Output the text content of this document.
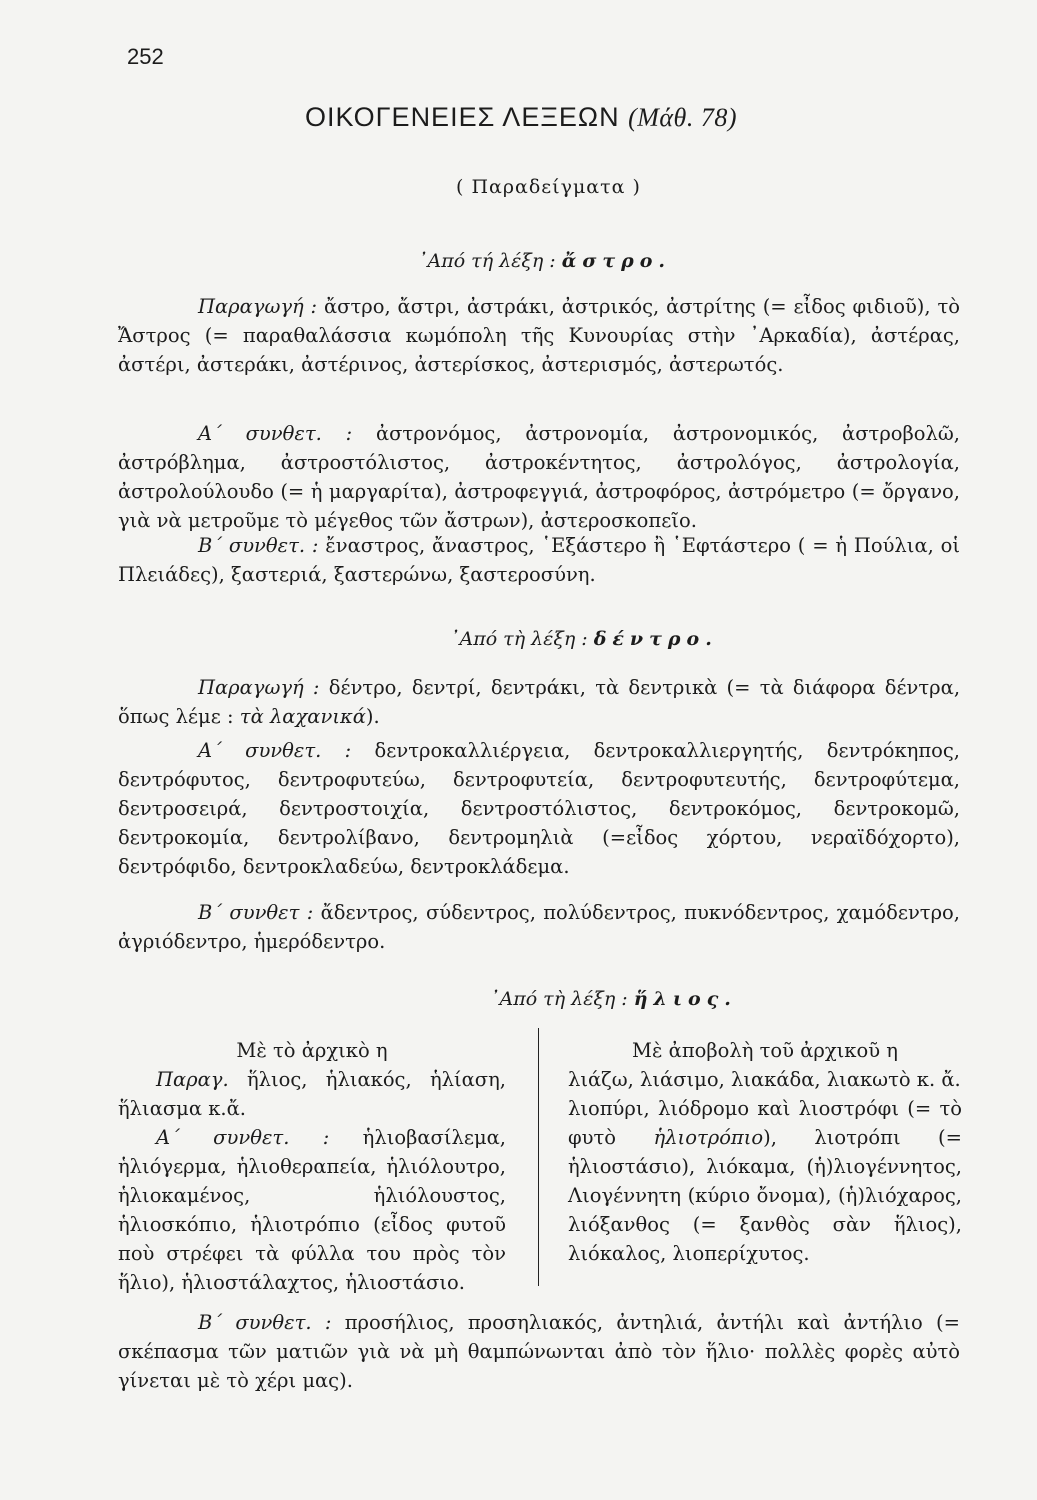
252
ΟΙΚΟΓΕΝΕΙΕΣ ΛΕΞΕΩΝ (Μάθ. 78)
( Παραδείγματα )
᾿Από τή λέξη : ἄστρο.
Παραγωγή : ἄστρο, ἄστρι, ἀστράκι, ἀστρικός, ἀστρίτης (= εἶδος φιδιοῦ), τὸ Ἄστρος (= παραθαλάσσια κωμόπολη τῆς Κυνουρίας στὴν ᾿Αρκαδία), ἀστέρας, ἀστέρι, ἀστεράκι, ἀστέρινος, ἀστερίσκος, ἀστερισμός, ἀστερωτός.
Α΄ συνθετ. : ἀστρονόμος, ἀστρονομία, ἀστρονομικός, ἀστροβολῶ, ἀστρόβλημα, ἀστροστόλιστος, ἀστροκέντητος, ἀστρολόγος, ἀστρολογία, ἀστρολούλουδο (= ἡ μαργαρίτα), ἀστροφεγγιά, ἀστροφόρος, ἀστρόμετρο (= ὄργανο, γιὰ νὰ μετροῦμε τὸ μέγεθος τῶν ἄστρων), ἀστεροσκοπεῖο.
Β΄ συνθετ. : ἔναστρος, ἄναστρος, ῾Εξάστερο ἢ ῾Εφτάστερο ( = ἡ Πούλια, οἱ Πλειάδες), ξαστεριά, ξαστερώνω, ξαστεροσύνη.
᾿Από τὴ λέξη : δέντρο.
Παραγωγή : δέντρο, δεντρί, δεντράκι, τὰ δεντρικὰ (= τὰ διάφορα δέντρα, ὅπως λέμε : τὰ λαχανικά).
Α΄ συνθετ. : δεντροκαλλιέργεια, δεντροκαλλιεργητής, δεντρόκηπος, δεντρόφυτος, δεντροφυτεύω, δεντροφυτεία, δεντροφυτευτής, δεντροφύτεμα, δεντροσειρά, δεντροστοιχία, δεντροστόλιστος, δεντροκόμος, δεντροκομῶ, δεντροκομία, δεντρολίβανο, δεντρομηλιὰ (=εἶδος χόρτου, νεραϊδόχορτο), δεντρόφιδο, δεντροκλαδεύω, δεντροκλάδεμα.
Β΄ συνθετ : ἄδεντρος, σύδεντρος, πολύδεντρος, πυκνόδεντρος, χαμόδεντρο, ἀγριόδεντρο, ἡμερόδεντρο.
᾿Από τὴ λέξη : ἥλιος.
Μὲ τὸ ἀρχικὸ η
Παραγ. ἥλιος, ἡλιακός, ἡλίαση, ἥλιασμα κ.ἄ.
Α΄ συνθετ. : ἡλιοβασίλεμα, ἡλιόγερμα, ἡλιοθεραπεία, ἡλιόλουτρο, ἡλιοκαμένος, ἡλιόλουστος, ἡλιοσκόπιο, ἡλιοτρόπιο (εἶδος φυτοῦ ποὺ στρέφει τὰ φύλλα του πρὸς τὸν ἥλιο), ἡλιοστάλαχτος, ἡλιοστάσιο.
Μὲ ἀποβολὴ τοῦ ἀρχικοῦ η
λιάζω, λιάσιμο, λιακάδα, λιακωτὸ κ. ἄ.
λιοπύρι, λιόδρομο καὶ λιοστρόφι (= τὸ φυτὸ ἡλιοτρόπιο), λιοτρόπι (= ἡλιοστάσιο), λιόκαμα, (ἡ)λιογέννητος, Λιογέννητη (κύριο ὄνομα), (ἡ)λιόχαρος, λιόξανθος (= ξανθὸς σὰν ἥλιος), λιόκαλος, λιοπερίχυτος.
Β΄ συνθετ. : προσήλιος, προσηλιακός, ἀντηλιά, ἀντήλι καὶ ἀντήλιο (= σκέπασμα τῶν ματιῶν γιὰ νὰ μὴ θαμπώνωνται ἀπὸ τὸν ἥλιο· πολλὲς φορὲς αὐτὸ γίνεται μὲ τὸ χέρι μας).
